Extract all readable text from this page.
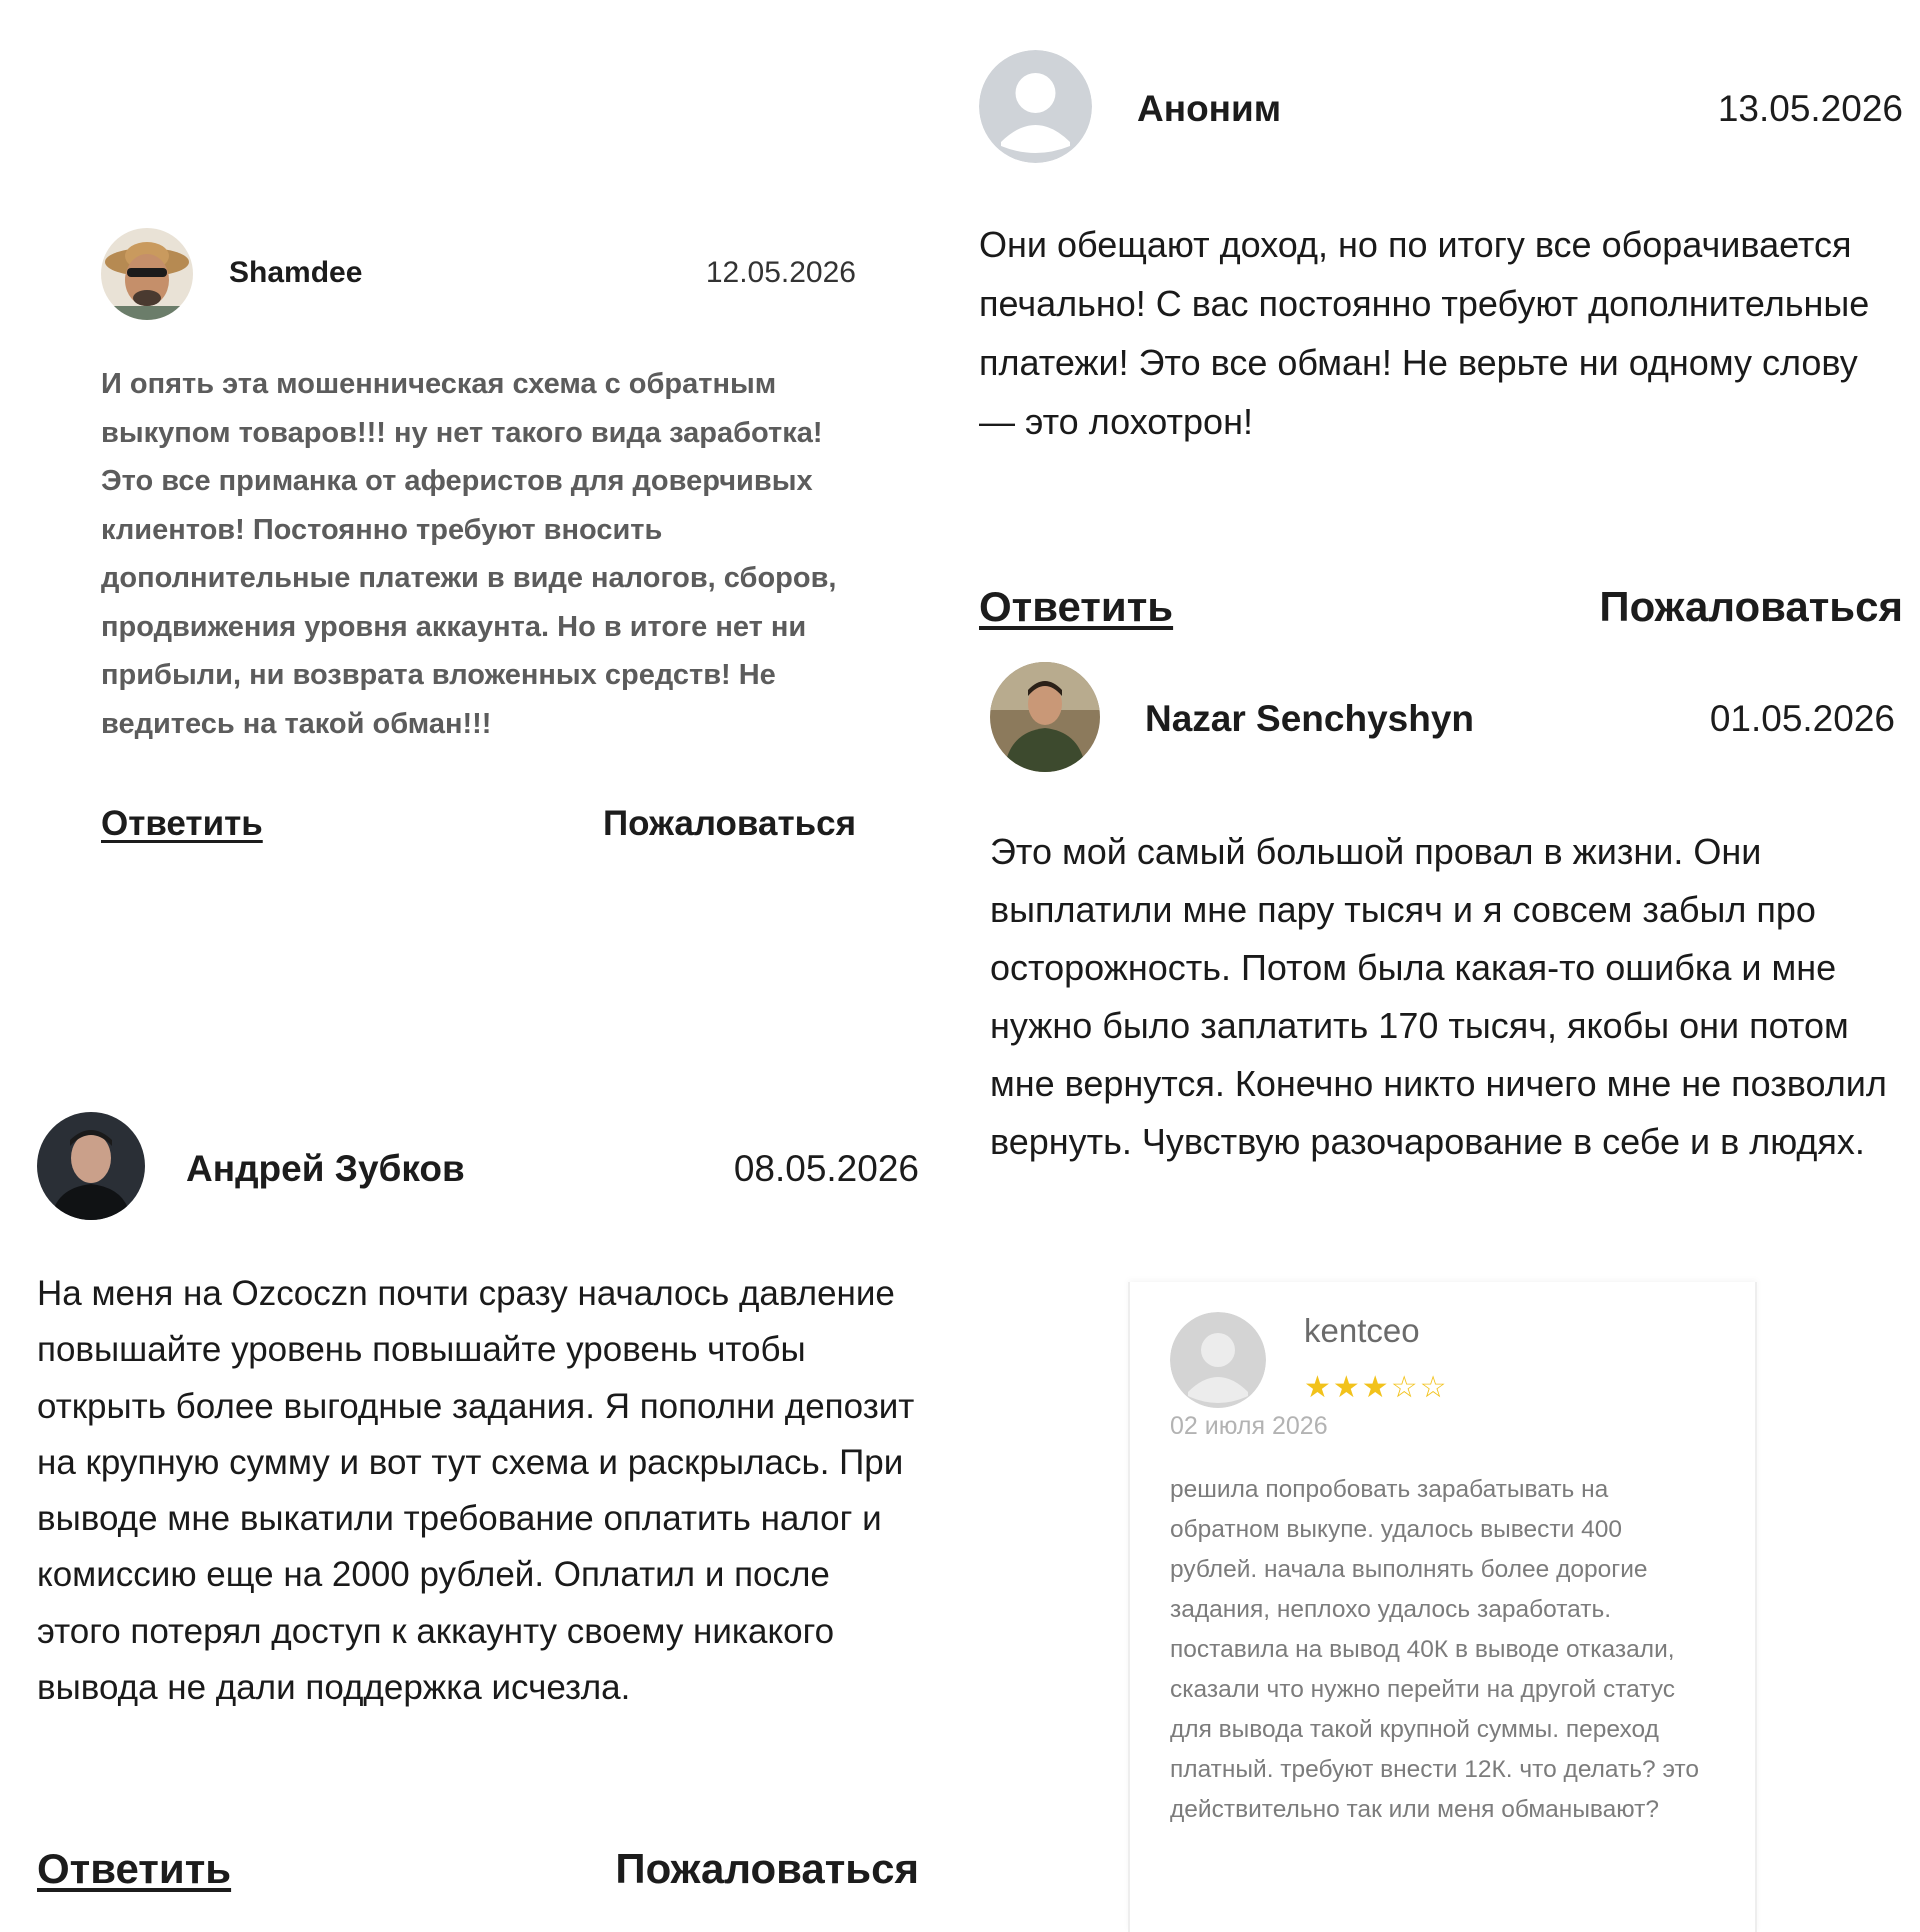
Shamdee	12.05.2026

И опять эта мошенническая схема с обратным выкупом товаров!!! ну нет такого вида заработка! Это все приманка от аферистов для доверчивых клиентов! Постоянно требуют вносить дополнительные платежи в виде налогов, сборов, продвижения уровня аккаунта. Но в итоге нет ни прибыли, ни возврата вложенных средств! Не ведитесь на такой обман!!!

Ответить	Пожаловаться
Аноним	13.05.2026

Они обещают доход, но по итогу все оборачивается печально! С вас постоянно требуют дополнительные платежи! Это все обман! Не верьте ни одному слову — это лохотрон!

Ответить	Пожаловаться
Nazar Senchyshyn	01.05.2026

Это мой самый большой провал в жизни. Они выплатили мне пару тысяч и я совсем забыл про осторожность. Потом была какая-то ошибка и мне нужно было заплатить 170 тысяч, якобы они потом мне вернутся. Конечно никто ничего мне не позволил вернуть. Чувствую разочарование в себе и в людях.

Андрей Зубков	08.05.2026

На меня на Ozcoczn почти сразу началось давление повышайте уровень повышайте уровень чтобы открыть более выгодные задания. Я пополни депозит на крупную сумму и вот тут схема и раскрылась. При выводе мне выкатили требование оплатить налог и комиссию еще на 2000 рублей. Оплатил и после этого потерял доступ к аккаунту своему никакого вывода не дали поддержка исчезла.

Ответить	Пожаловаться
kentceo
★★★☆☆
02 июля 2026

решила попробовать зарабатывать на обратном выкупе. удалось вывести 400 рублей. начала выполнять более дорогие задания, неплохо удалось заработать. поставила на вывод 40К в выводе отказали, сказали что нужно перейти на другой статус для вывода такой крупной суммы. переход платный. требуют внести 12К. что делать? это действительно так или меня обманывают?
